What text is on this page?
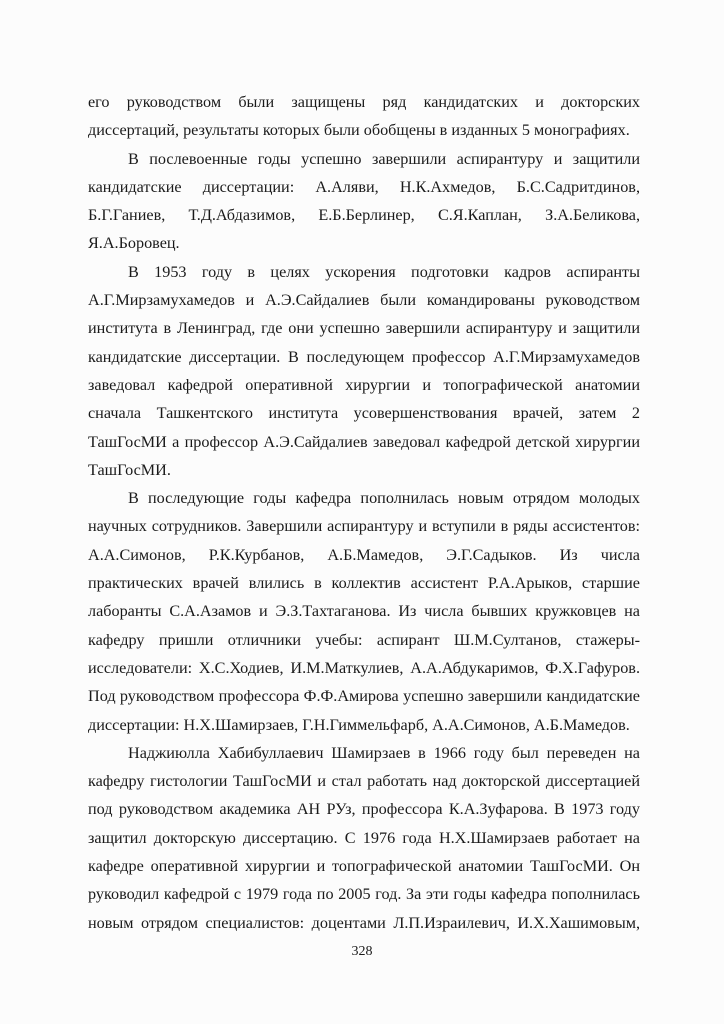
его руководством были защищены ряд кандидатских и докторских
диссертаций, результаты которых были обобщены в изданных 5 монографиях.
В послевоенные годы успешно завершили аспирантуру и защитили
кандидатские диссертации: А.Аляви, Н.К.Ахмедов, Б.С.Садритдинов,
Б.Г.Ганиев, Т.Д.Абдазимов, Е.Б.Берлинер, С.Я.Каплан, З.А.Беликова,
Я.А.Боровец.
В 1953 году в целях ускорения подготовки кадров аспиранты
А.Г.Мирзамухамедов и А.Э.Сайдалиев были командированы руководством
института в Ленинград, где они успешно завершили аспирантуру и защитили
кандидатские диссертации. В последующем профессор А.Г.Мирзамухамедов
заведовал кафедрой оперативной хирургии и топографической анатомии
сначала Ташкентского института усовершенствования врачей, затем 2
ТашГосМИ а профессор А.Э.Сайдалиев заведовал кафедрой детской хирургии
ТашГосМИ.
В последующие годы кафедра пополнилась новым отрядом молодых
научных сотрудников. Завершили аспирантуру и вступили в ряды ассистентов:
А.А.Симонов, Р.К.Курбанов, А.Б.Мамедов, Э.Г.Садыков. Из числа
практических врачей влились в коллектив ассистент Р.А.Арыков, старшие
лаборанты С.А.Азамов и Э.З.Тахтаганова. Из числа бывших кружковцев на
кафедру пришли отличники учебы: аспирант Ш.М.Султанов, стажеры-
исследователи: Х.С.Ходиев, И.М.Маткулиев, А.А.Абдукаримов, Ф.Х.Гафуров.
Под руководством профессора Ф.Ф.Амирова успешно завершили кандидатские
диссертации: Н.Х.Шамирзаев, Г.Н.Гиммельфарб, А.А.Симонов, А.Б.Мамедов.
Наджиюлла Хабибуллаевич Шамирзаев в 1966 году был переведен на
кафедру гистологии ТашГосМИ и стал работать над докторской диссертацией
под руководством академика АН РУз, профессора К.А.Зуфарова. В 1973 году
защитил докторскую диссертацию. С 1976 года Н.Х.Шамирзаев работает на
кафедре оперативной хирургии и топографической анатомии ТашГосМИ. Он
руководил кафедрой с 1979 года по 2005 год. За эти годы кафедра пополнилась
новым отрядом специалистов: доцентами Л.П.Израилевич, И.Х.Хашимовым,
328
